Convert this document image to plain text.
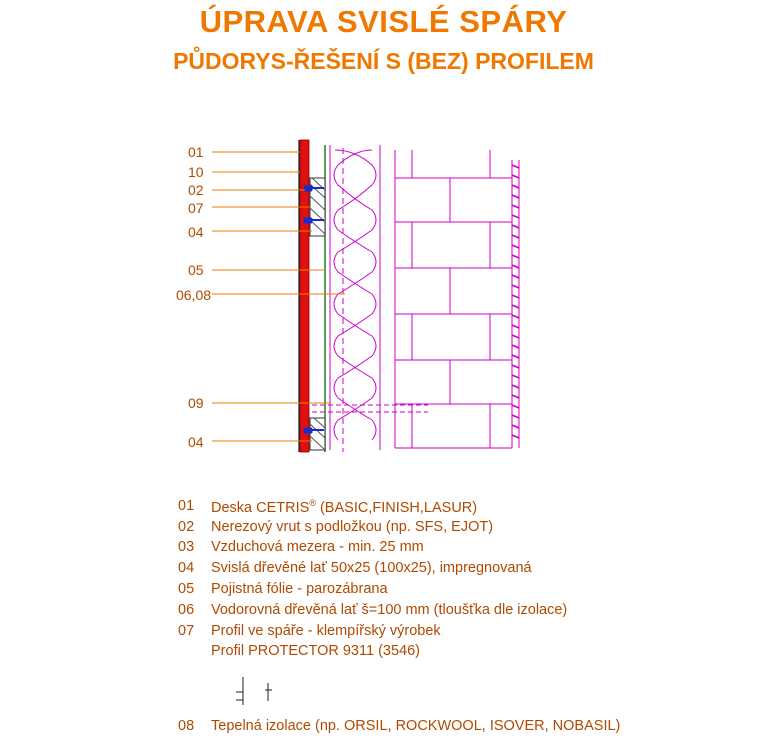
ÚPRAVA SVISLÉ SPÁRY
PŮDORYS-ŘEŠENÍ S (BEZ) PROFILEM
01
10
02
07
04
05
06,08
09
04
01	Deska CETRIS® (BASIC,FINISH,LASUR)
02	Nerezový vrut s podložkou (np. SFS, EJOT)
03	Vzduchová mezera - min. 25 mm
04	Svislá dřevěné lať 50x25 (100x25), impregnovaná
05	Pojistná fólie - parozábrana
06	Vodorovná dřevěná lať š=100 mm (tloušťka dle izolace)
07	Profil ve spáře - klempířský výrobek
Profil PROTECTOR 9311 (3546)
08	Tepelná izolace (np. ORSIL, ROCKWOOL, ISOVER, NOBASIL)
